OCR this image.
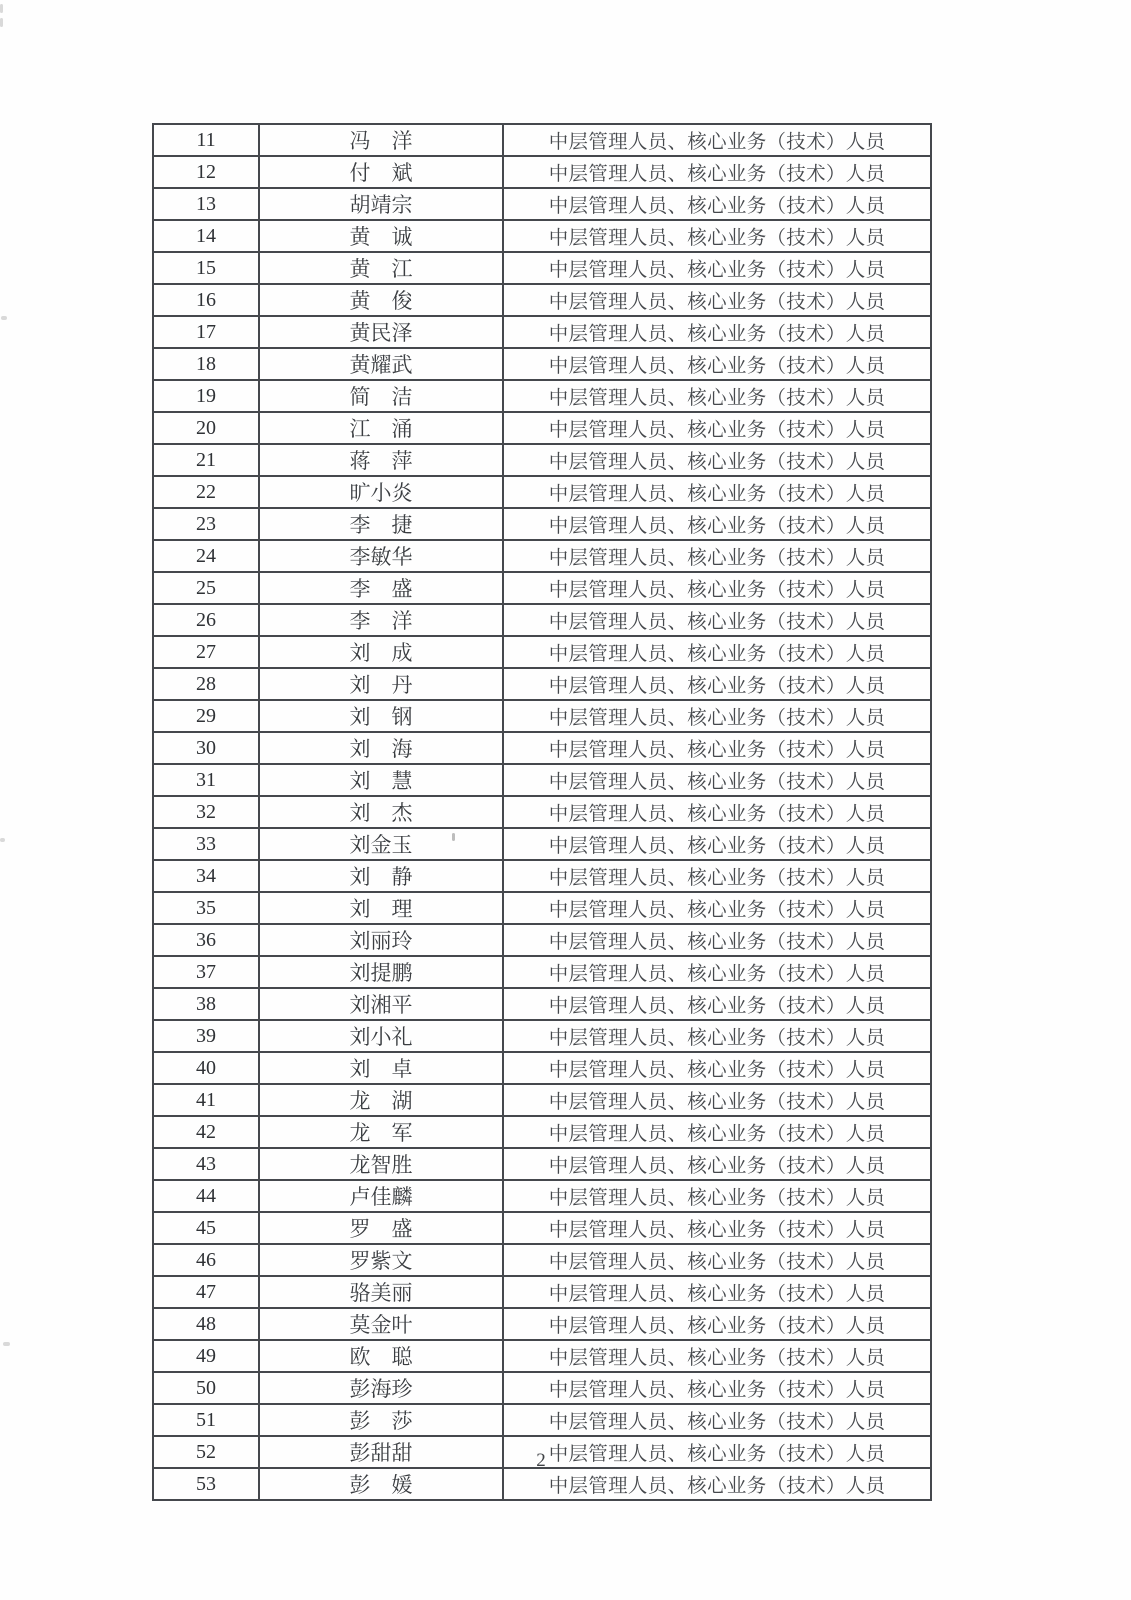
11	冯　洋	中层管理人员、核心业务（技术）人员
12	付　斌	中层管理人员、核心业务（技术）人员
13	胡靖宗	中层管理人员、核心业务（技术）人员
14	黄　诚	中层管理人员、核心业务（技术）人员
15	黄　江	中层管理人员、核心业务（技术）人员
16	黄　俊	中层管理人员、核心业务（技术）人员
17	黄民泽	中层管理人员、核心业务（技术）人员
18	黄耀武	中层管理人员、核心业务（技术）人员
19	简　洁	中层管理人员、核心业务（技术）人员
20	江　涌	中层管理人员、核心业务（技术）人员
21	蒋　萍	中层管理人员、核心业务（技术）人员
22	旷小炎	中层管理人员、核心业务（技术）人员
23	李　捷	中层管理人员、核心业务（技术）人员
24	李敏华	中层管理人员、核心业务（技术）人员
25	李　盛	中层管理人员、核心业务（技术）人员
26	李　洋	中层管理人员、核心业务（技术）人员
27	刘　成	中层管理人员、核心业务（技术）人员
28	刘　丹	中层管理人员、核心业务（技术）人员
29	刘　钢	中层管理人员、核心业务（技术）人员
30	刘　海	中层管理人员、核心业务（技术）人员
31	刘　慧	中层管理人员、核心业务（技术）人员
32	刘　杰	中层管理人员、核心业务（技术）人员
33	刘金玉	中层管理人员、核心业务（技术）人员
34	刘　静	中层管理人员、核心业务（技术）人员
35	刘　理	中层管理人员、核心业务（技术）人员
36	刘丽玲	中层管理人员、核心业务（技术）人员
37	刘提鹏	中层管理人员、核心业务（技术）人员
38	刘湘平	中层管理人员、核心业务（技术）人员
39	刘小礼	中层管理人员、核心业务（技术）人员
40	刘　卓	中层管理人员、核心业务（技术）人员
41	龙　湖	中层管理人员、核心业务（技术）人员
42	龙　军	中层管理人员、核心业务（技术）人员
43	龙智胜	中层管理人员、核心业务（技术）人员
44	卢佳麟	中层管理人员、核心业务（技术）人员
45	罗　盛	中层管理人员、核心业务（技术）人员
46	罗紫文	中层管理人员、核心业务（技术）人员
47	骆美丽	中层管理人员、核心业务（技术）人员
48	莫金叶	中层管理人员、核心业务（技术）人员
49	欧　聪	中层管理人员、核心业务（技术）人员
50	彭海珍	中层管理人员、核心业务（技术）人员
51	彭　莎	中层管理人员、核心业务（技术）人员
52	彭甜甜	中层管理人员、核心业务（技术）人员
53	彭　媛	中层管理人员、核心业务（技术）人员
2
